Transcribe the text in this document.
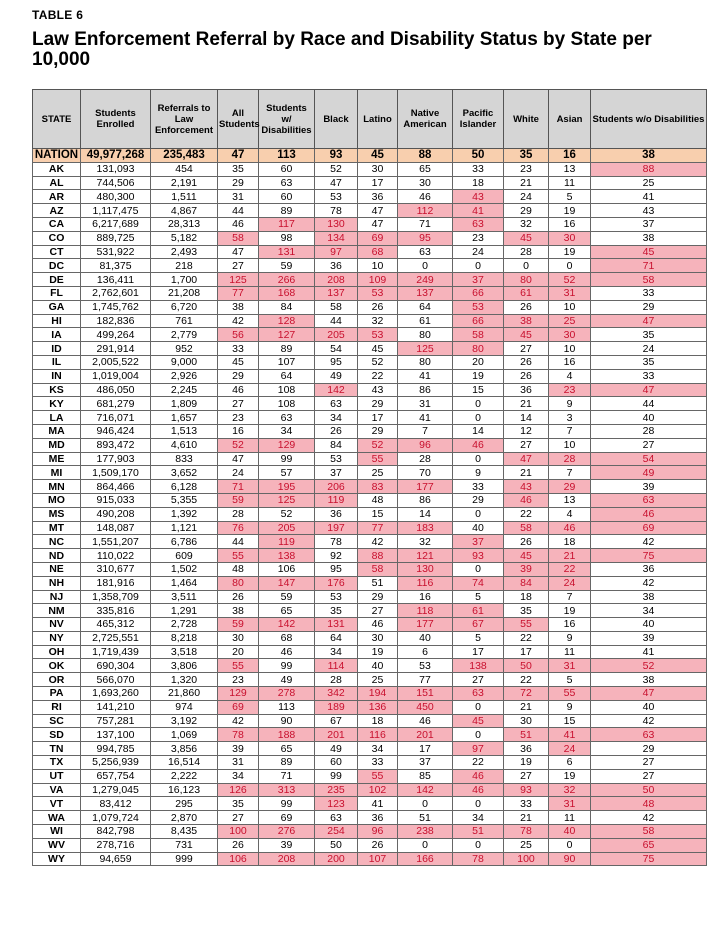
TABLE 6
Law Enforcement Referral by Race and Disability Status by State per 10,000
STATE	Students Enrolled	Referrals to Law Enforcement	All Students	Students w/ Disabilities	Black	Latino	Native American	Pacific Islander	White	Asian	Students w/o Disabilities
NATION	49,977,268	235,483	47	113	93	45	88	50	35	16	38
AK	131,093	454	35	60	52	30	65	33	23	13	88
AL	744,506	2,191	29	63	47	17	30	18	21	11	25
AR	480,300	1,511	31	60	53	36	46	43	24	5	41
AZ	1,117,475	4,867	44	89	78	47	112	41	29	19	43
CA	6,217,689	28,313	46	117	130	47	71	63	32	16	37
CO	889,725	5,182	58	98	134	69	95	23	45	30	38
CT	531,922	2,493	47	131	97	68	63	24	28	19	45
DC	81,375	218	27	59	36	10	0	0	0	0	71
DE	136,411	1,700	125	266	208	109	249	37	80	52	58
FL	2,762,601	21,208	77	168	137	53	137	66	61	31	33
GA	1,745,762	6,720	38	84	58	26	64	53	26	10	29
HI	182,836	761	42	128	44	32	61	66	38	25	47
IA	499,264	2,779	56	127	205	53	80	58	45	30	35
ID	291,914	952	33	89	54	45	125	80	27	10	24
IL	2,005,522	9,000	45	107	95	52	80	20	26	16	35
IN	1,019,004	2,926	29	64	49	22	41	19	26	4	33
KS	486,050	2,245	46	108	142	43	86	15	36	23	47
KY	681,279	1,809	27	108	63	29	31	0	21	9	44
LA	716,071	1,657	23	63	34	17	41	0	14	3	40
MA	946,424	1,513	16	34	26	29	7	14	12	7	28
MD	893,472	4,610	52	129	84	52	96	46	27	10	27
ME	177,903	833	47	99	53	55	28	0	47	28	54
MI	1,509,170	3,652	24	57	37	25	70	9	21	7	49
MN	864,466	6,128	71	195	206	83	177	33	43	29	39
MO	915,033	5,355	59	125	119	48	86	29	46	13	63
MS	490,208	1,392	28	52	36	15	14	0	22	4	46
MT	148,087	1,121	76	205	197	77	183	40	58	46	69
NC	1,551,207	6,786	44	119	78	42	32	37	26	18	42
ND	110,022	609	55	138	92	88	121	93	45	21	75
NE	310,677	1,502	48	106	95	58	130	0	39	22	36
NH	181,916	1,464	80	147	176	51	116	74	84	24	42
NJ	1,358,709	3,511	26	59	53	29	16	5	18	7	38
NM	335,816	1,291	38	65	35	27	118	61	35	19	34
NV	465,312	2,728	59	142	131	46	177	67	55	16	40
NY	2,725,551	8,218	30	68	64	30	40	5	22	9	39
OH	1,719,439	3,518	20	46	34	19	6	17	17	11	41
OK	690,304	3,806	55	99	114	40	53	138	50	31	52
OR	566,070	1,320	23	49	28	25	77	27	22	5	38
PA	1,693,260	21,860	129	278	342	194	151	63	72	55	47
RI	141,210	974	69	113	189	136	450	0	21	9	40
SC	757,281	3,192	42	90	67	18	46	45	30	15	42
SD	137,100	1,069	78	188	201	116	201	0	51	41	63
TN	994,785	3,856	39	65	49	34	17	97	36	24	29
TX	5,256,939	16,514	31	89	60	33	37	22	19	6	27
UT	657,754	2,222	34	71	99	55	85	46	27	19	27
VA	1,279,045	16,123	126	313	235	102	142	46	93	32	50
VT	83,412	295	35	99	123	41	0	0	33	31	48
WA	1,079,724	2,870	27	69	63	36	51	34	21	11	42
WI	842,798	8,435	100	276	254	96	238	51	78	40	58
WV	278,716	731	26	39	50	26	0	0	25	0	65
WY	94,659	999	106	208	200	107	166	78	100	90	75
